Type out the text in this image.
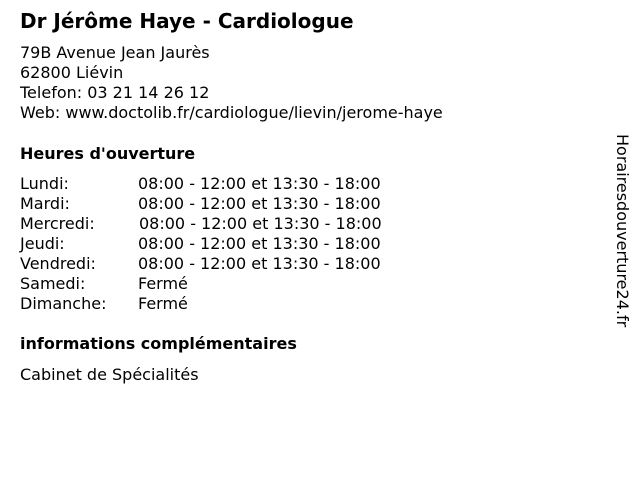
Dr Jérôme Haye - Cardiologue
79B Avenue Jean Jaurès
62800 Liévin
Telefon: 03 21 14 26 12
Web: www.doctolib.fr/cardiologue/lievin/jerome-haye
Heures d'ouverture
Lundi:	08:00 - 12:00 et 13:30 - 18:00
Mardi:	08:00 - 12:00 et 13:30 - 18:00
Mercredi:	08:00 - 12:00 et 13:30 - 18:00
Jeudi:	08:00 - 12:00 et 13:30 - 18:00
Vendredi:	08:00 - 12:00 et 13:30 - 18:00
Samedi:	Fermé
Dimanche:	Fermé
informations complémentaires
Cabinet de Spécialités
Horairesdouverture24.fr
